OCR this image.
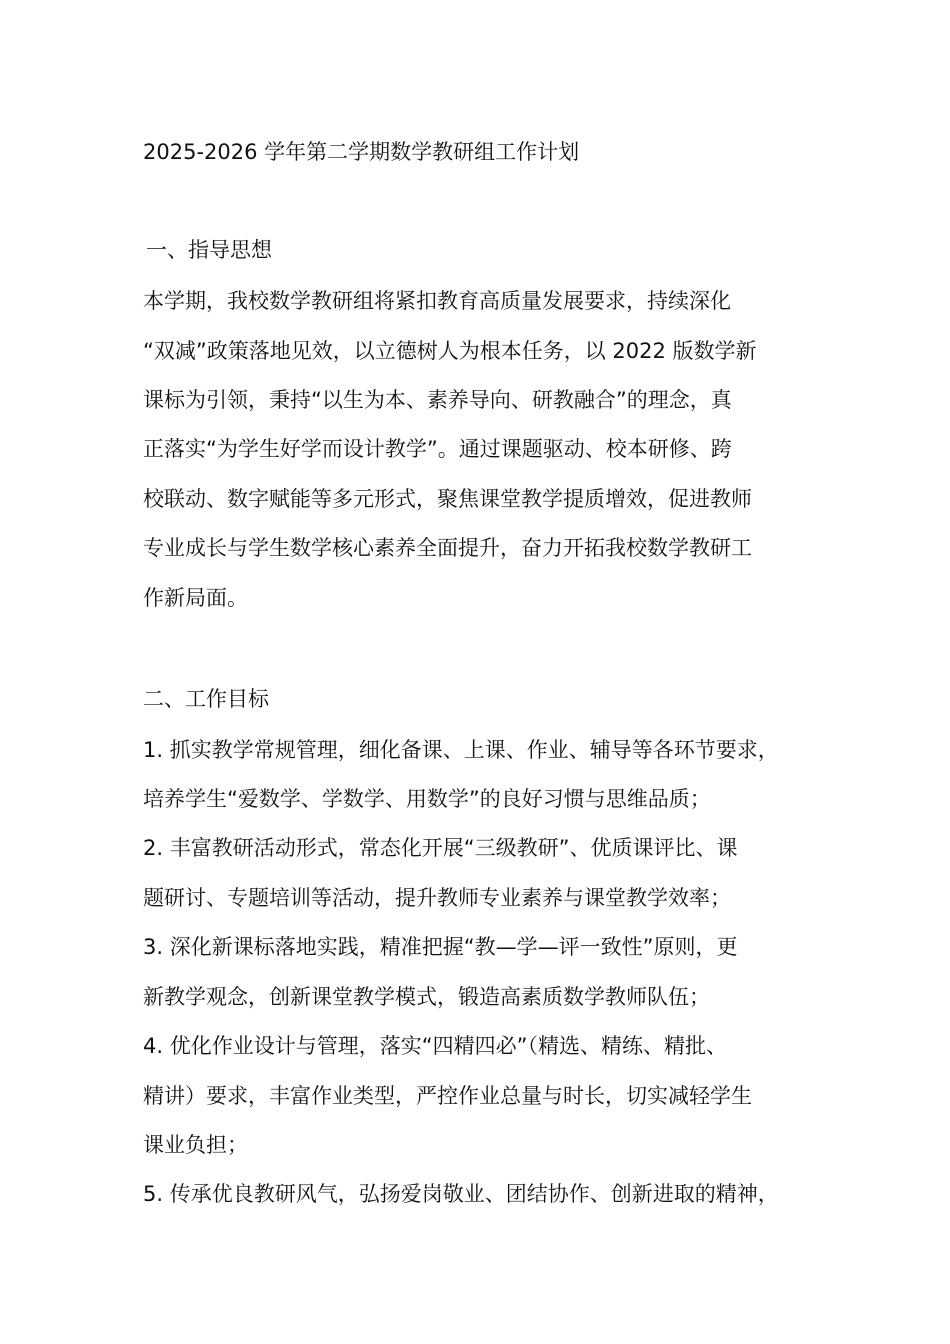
2025-2026 学年第二学期数学教研组工作计划
一、指导思想
本学期，我校数学教研组将紧扣教育高质量发展要求，持续深化
“双减”政策落地见效，以立德树人为根本任务，以 2022 版数学新
课标为引领，秉持“以生为本、素养导向、研教融合”的理念，真
正落实“为学生好学而设计教学”。通过课题驱动、校本研修、跨
校联动、数字赋能等多元形式，聚焦课堂教学提质增效，促进教师
专业成长与学生数学核心素养全面提升，奋力开拓我校数学教研工
作新局面。
二、工作目标
1. 抓实教学常规管理，细化备课、上课、作业、辅导等各环节要求，
培养学生“爱数学、学数学、用数学”的良好习惯与思维品质；
2. 丰富教研活动形式，常态化开展“三级教研”、优质课评比、课
题研讨、专题培训等活动，提升教师专业素养与课堂教学效率；
3. 深化新课标落地实践，精准把握“教—学—评一致性”原则，更
新教学观念，创新课堂教学模式，锻造高素质数学教师队伍；
4. 优化作业设计与管理，落实“四精四必”（精选、精练、精批、
精讲）要求，丰富作业类型，严控作业总量与时长，切实减轻学生
课业负担；
5. 传承优良教研风气，弘扬爱岗敬业、团结协作、创新进取的精神，
